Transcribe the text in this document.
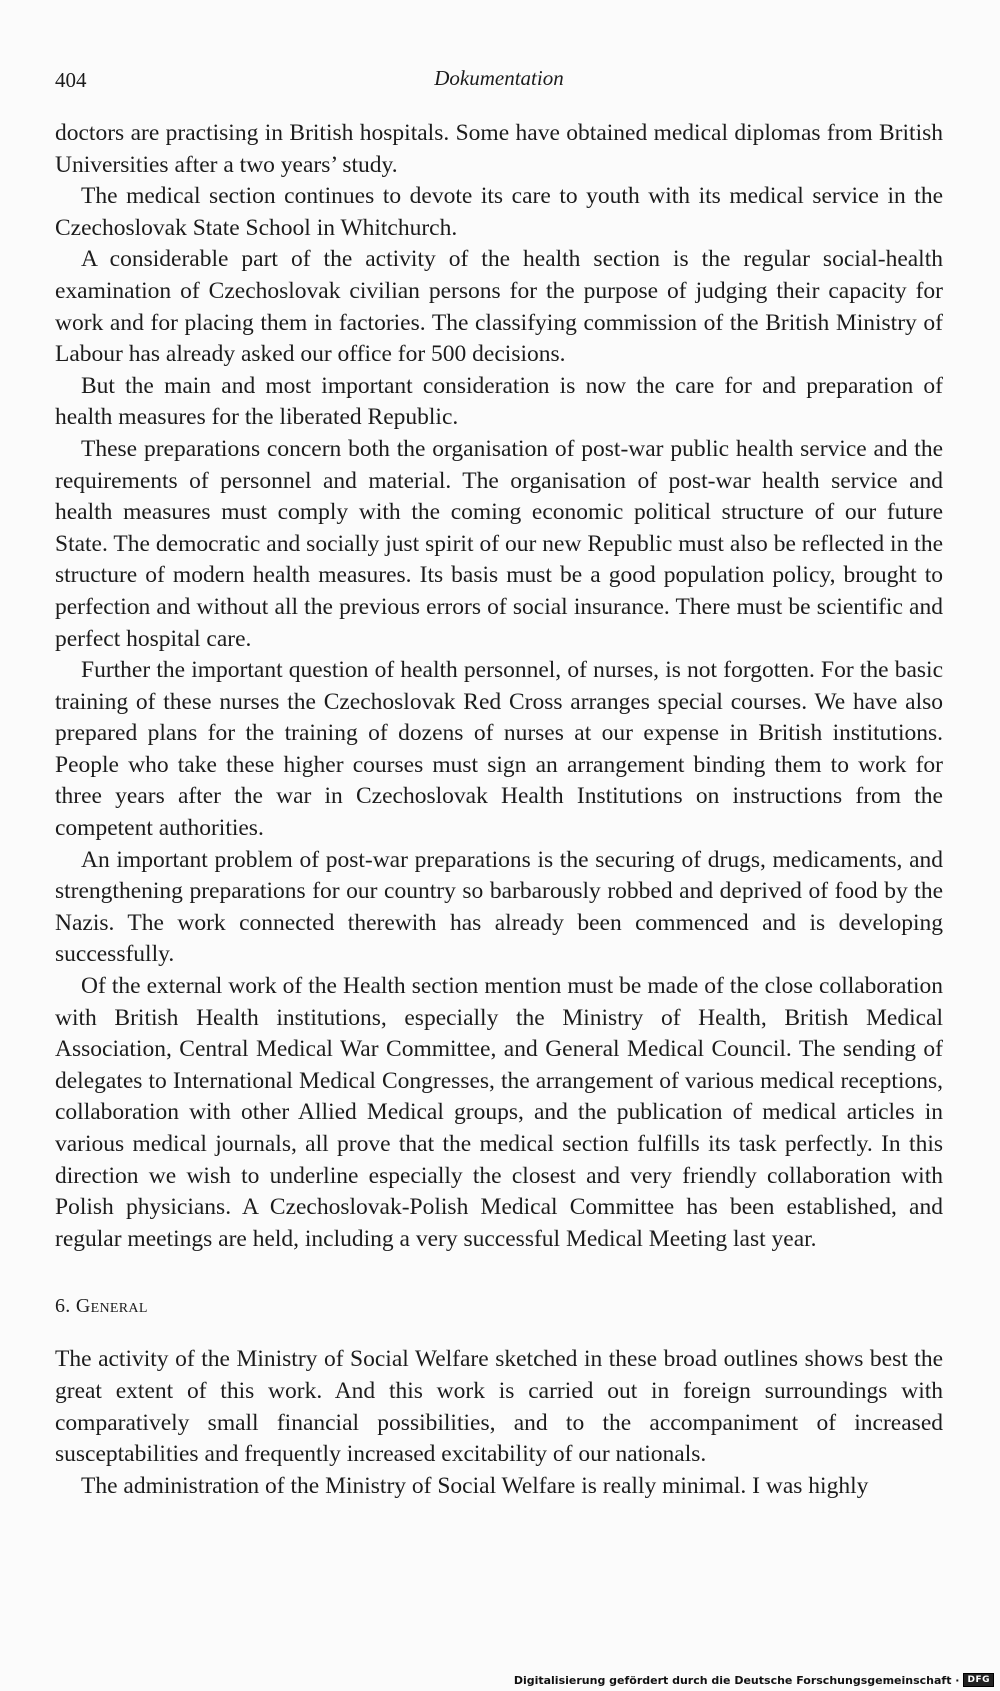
404	Dokumentation

doctors are practising in British hospitals. Some have obtained medical diplomas from British Universities after a two years’ study.

The medical section continues to devote its care to youth with its medical service in the Czechoslovak State School in Whitchurch.

A considerable part of the activity of the health section is the regular social-health examination of Czechoslovak civilian persons for the purpose of judging their capacity for work and for placing them in factories. The classifying commission of the British Ministry of Labour has already asked our office for 500 decisions.

But the main and most important consideration is now the care for and preparation of health measures for the liberated Republic.

These preparations concern both the organisation of post-war public health service and the requirements of personnel and material. The organisation of post-war health service and health measures must comply with the coming economic political structure of our future State. The democratic and socially just spirit of our new Republic must also be reflected in the structure of modern health measures. Its basis must be a good population policy, brought to perfection and without all the previous errors of social insurance. There must be scientific and perfect hospital care.

Further the important question of health personnel, of nurses, is not forgotten. For the basic training of these nurses the Czechoslovak Red Cross arranges special courses. We have also prepared plans for the training of dozens of nurses at our expense in British institutions. People who take these higher courses must sign an arrangement binding them to work for three years after the war in Czechoslovak Health Institutions on instructions from the competent authorities.

An important problem of post-war preparations is the securing of drugs, medicaments, and strengthening preparations for our country so barbarously robbed and deprived of food by the Nazis. The work connected therewith has already been commenced and is developing successfully.

Of the external work of the Health section mention must be made of the close collaboration with British Health institutions, especially the Ministry of Health, British Medical Association, Central Medical War Committee, and General Medical Council. The sending of delegates to International Medical Congresses, the arrangement of various medical receptions, collaboration with other Allied Medical groups, and the publication of medical articles in various medical journals, all prove that the medical section fulfills its task perfectly. In this direction we wish to underline especially the closest and very friendly collaboration with Polish physicians. A Czechoslovak-Polish Medical Committee has been established, and regular meetings are held, including a very successful Medical Meeting last year.

6. General

The activity of the Ministry of Social Welfare sketched in these broad outlines shows best the great extent of this work. And this work is carried out in foreign surroundings with comparatively small financial possibilities, and to the accompaniment of increased susceptabilities and frequently increased excitability of our nationals.

The administration of the Ministry of Social Welfare is really minimal. I was highly

Digitalisierung gefördert durch die Deutsche Forschungsgemeinschaft · DFG
